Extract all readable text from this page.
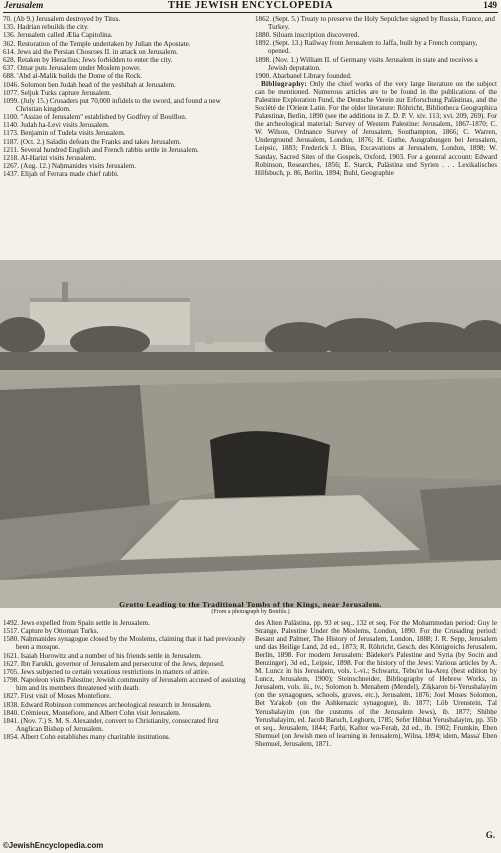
Jerusalem	THE JEWISH ENCYCLOPEDIA	149
70. (Ab 9.) Jerusalem destroyed by Titus.
135. Hadrian rebuilds the city.
136. Jerusalem called Ælia Capitolina.
362. Restoration of the Temple undertaken by Julian the Apostate.
614. Jews aid the Persian Chosroes II. in attack on Jerusalem.
628. Retaken by Heraclius; Jews forbidden to enter the city.
637. Omar puts Jerusalem under Moslem power.
688. 'Abd al-Malik builds the Dome of the Rock.
1046. Solomon ben Judah head of the yeshibah at Jerusalem.
1077. Seljuk Turks capture Jerusalem.
1099. (July 15.) Crusaders put 70,000 infidels to the sword, and found a new Christian kingdom.
1100. "Assize of Jerusalem" established by Godfrey of Bouillon.
1140. Judah ha-Levi visits Jerusalem.
1173. Benjamin of Tudela visits Jerusalem.
1187. (Oct. 2.) Saladin defeats the Franks and takes Jerusalem.
1211. Several hundred English and French rabbis settle in Jerusalem.
1218. Al-Harizi visits Jerusalem.
1267. (Aug. 12.) Naḥmanides visits Jerusalem.
1437. Elijah of Ferrara made chief rabbi.
1862. (Sept. 5.) Treaty to preserve the Holy Sepulcher signed by Russia, France, and Turkey.
1880. Siloam inscription discovered.
1892. (Sept. 13.) Railway from Jerusalem to Jaffa, built by a French company, opened.
1898. (Nov. 1.) William II. of Germany visits Jerusalem in state and receives a Jewish deputation.
1900. Abarbanel Library founded.

Bibliography: Only the chief works of the very large literature on the subject can be mentioned. Numerous articles are to be found in the publications of the Palestine Exploration Fund, the Deutsche Verein zur Erforschung Palästinas, and the Société de l'Orient Latin. For the older literature: Röhricht, Bibliotheca Geographica Palæstinæ, Berlin, 1890 (see the additions in Z. D. P. V. xiv. 113; xvi. 209, 269). For the archeological material: Survey of Western Palestine: Jerusalem, 1867-1870; C. W. Wilson, Ordnance Survey of Jerusalem, Southampton, 1866; C. Warren, Underground Jerusalem, London, 1876; H. Guthe, Ausgrabungen bei Jerusalem, Leipsic, 1883; Frederick J. Bliss, Excavations at Jerusalem, London, 1898; W. Sanday, Sacred Sites of the Gospels, Oxford, 1903. For a general account: Edward Robinson, Researches, 1856; E. Starck, Palästina und Syrien . . . Lexikalisches Hilfsbuch, p. 86, Berlin, 1894; Buhl, Geographie

Grotto Leading to the Traditional Tombs of the Kings, near Jerusalem.
(From a photograph by Bonfils.)
1492. Jews expelled from Spain settle in Jerusalem.
1517. Capture by Ottoman Turks.
1580. Naḥmanides synagogue closed by the Moslems, claiming that it had previously been a mosque.
1621. Isaiah Horowitz and a number of his friends settle in Jerusalem.
1627. Ibn Farukh, governor of Jerusalem and persecutor of the Jews, deposed.
1705. Jews subjected to certain vexatious restrictions in matters of attire.
1798. Napoleon visits Palestine; Jewish community of Jerusalem accused of assisting him and its members threatened with death.
1827. First visit of Moses Montefiore.
1838. Edward Robinson commences archeological research in Jerusalem.
1840. Crémieux, Montefiore, and Albert Cohn visit Jerusalem.
1841. (Nov. 7.) S. M. S. Alexander, convert to Christianity, consecrated first Anglican Bishop of Jerusalem.
1854. Albert Cohn establishes many charitable institutions.

des Alten Palästina, pp. 93 et seq., 132 et seq. For the Mohammedan period: Guy le Strange, Palestine Under the Moslems, London, 1890. For the Crusading period: Besant and Palmer, The History of Jerusalem, London, 1888; J. R. Sepp, Jerusalem und das Heilige Land, 2d ed., 1873; R. Röhricht, Gesch. des Königreichs Jerusalem, Berlin, 1898. For modern Jerusalem: Bädeker's Palestine and Syria (by Socin and Benzinger), 3d ed., Leipsic, 1898. For the history of the Jews: Various articles by A. M. Luncz in his Jerusalem, vols. i.-vi.; Schwartz, Tebu'ot ha-Areẓ (best edition by Luncz, Jerusalem, 1900); Steinschneider, Bibliography of Hebrew Works, in Jerusalem, vols. iii., iv.; Solomon b. Menahem (Mendel), Ziḳḳaron bi-Yerushalayim (on the synagogues, schools, graves, etc.), Jerusalem, 1876; Joel Moses Solomon, Bet Ya'aḳob (on the Ashkenazic synagogue), ib. 1877; Löb Urenstein, Ṭal Yerushalayim (on the customs of the Jerusalem Jews), ib. 1877; Shibḥe Yerushalayim, ed. Jacob Baruch, Leghorn, 1785; Sefer Hibbat Yerushalayim, pp. 35b et seq., Jerusalem, 1844; Farḥi, Kaftor wa-Feraḥ, 2d ed., ib. 1902; Frumkin, Eben Shemuel (on Jewish men of learning in Jerusalem), Wilna, 1894; idem, Massa' Eben Shemuel, Jerusalem, 1871.

G.
©JewishEncyclopedia.com
